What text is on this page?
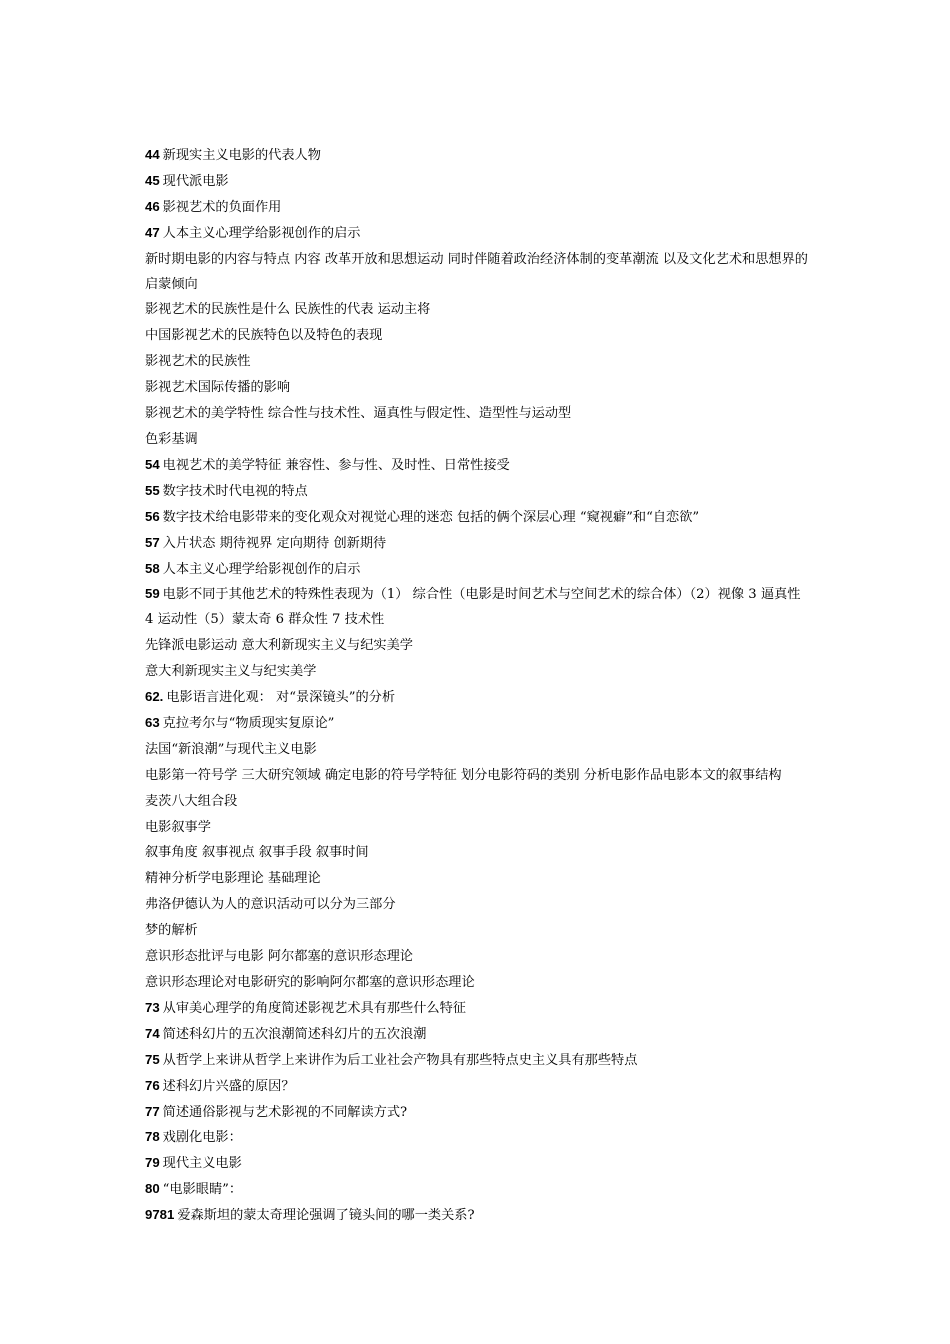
44 新现实主义电影的代表人物
45 现代派电影
46 影视艺术的负面作用
47 人本主义心理学给影视创作的启示
新时期电影的内容与特点 内容 改革开放和思想运动 同时伴随着政治经济体制的变革潮流 以及文化艺术和思想界的启蒙倾向
影视艺术的民族性是什么 民族性的代表 运动主将
中国影视艺术的民族特色以及特色的表现
影视艺术的民族性
影视艺术国际传播的影响
影视艺术的美学特性 综合性与技术性、逼真性与假定性、造型性与运动型
色彩基调
54 电视艺术的美学特征 兼容性、参与性、及时性、日常性接受
55 数字技术时代电视的特点
56 数字技术给电影带来的变化观众对视觉心理的迷恋 包括的俩个深层心理 “窥视癖”和“自恋欲”
57 入片状态 期待视界 定向期待 创新期待
58 人本主义心理学给影视创作的启示
59 电影不同于其他艺术的特殊性表现为（1） 综合性（电影是时间艺术与空间艺术的综合体）（2）视像 3 逼真性 4 运动性（5）蒙太奇 6 群众性 7 技术性
先锋派电影运动 意大利新现实主义与纪实美学
意大利新现实主义与纪实美学
62. 电影语言进化观： 对“景深镜头”的分析
63 克拉考尔与“物质现实复原论”
法国“新浪潮”与现代主义电影
电影第一符号学 三大研究领域 确定电影的符号学特征 划分电影符码的类别 分析电影作品电影本文的叙事结构
麦茨八大组合段
电影叙事学
叙事角度 叙事视点 叙事手段 叙事时间
精神分析学电影理论 基础理论
弗洛伊德认为人的意识活动可以分为三部分
梦的解析
意识形态批评与电影 阿尔都塞的意识形态理论
意识形态理论对电影研究的影响阿尔都塞的意识形态理论
73 从审美心理学的角度简述影视艺术具有那些什么特征
74 简述科幻片的五次浪潮简述科幻片的五次浪潮
75 从哲学上来讲从哲学上来讲作为后工业社会产物具有那些特点史主义具有那些特点
76 述科幻片兴盛的原因？
77 简述通俗影视与艺术影视的不同解读方式?
78 戏剧化电影：
79 现代主义电影
80 “电影眼睛”：
9781 爱森斯坦的蒙太奇理论强调了镜头间的哪一类关系?
